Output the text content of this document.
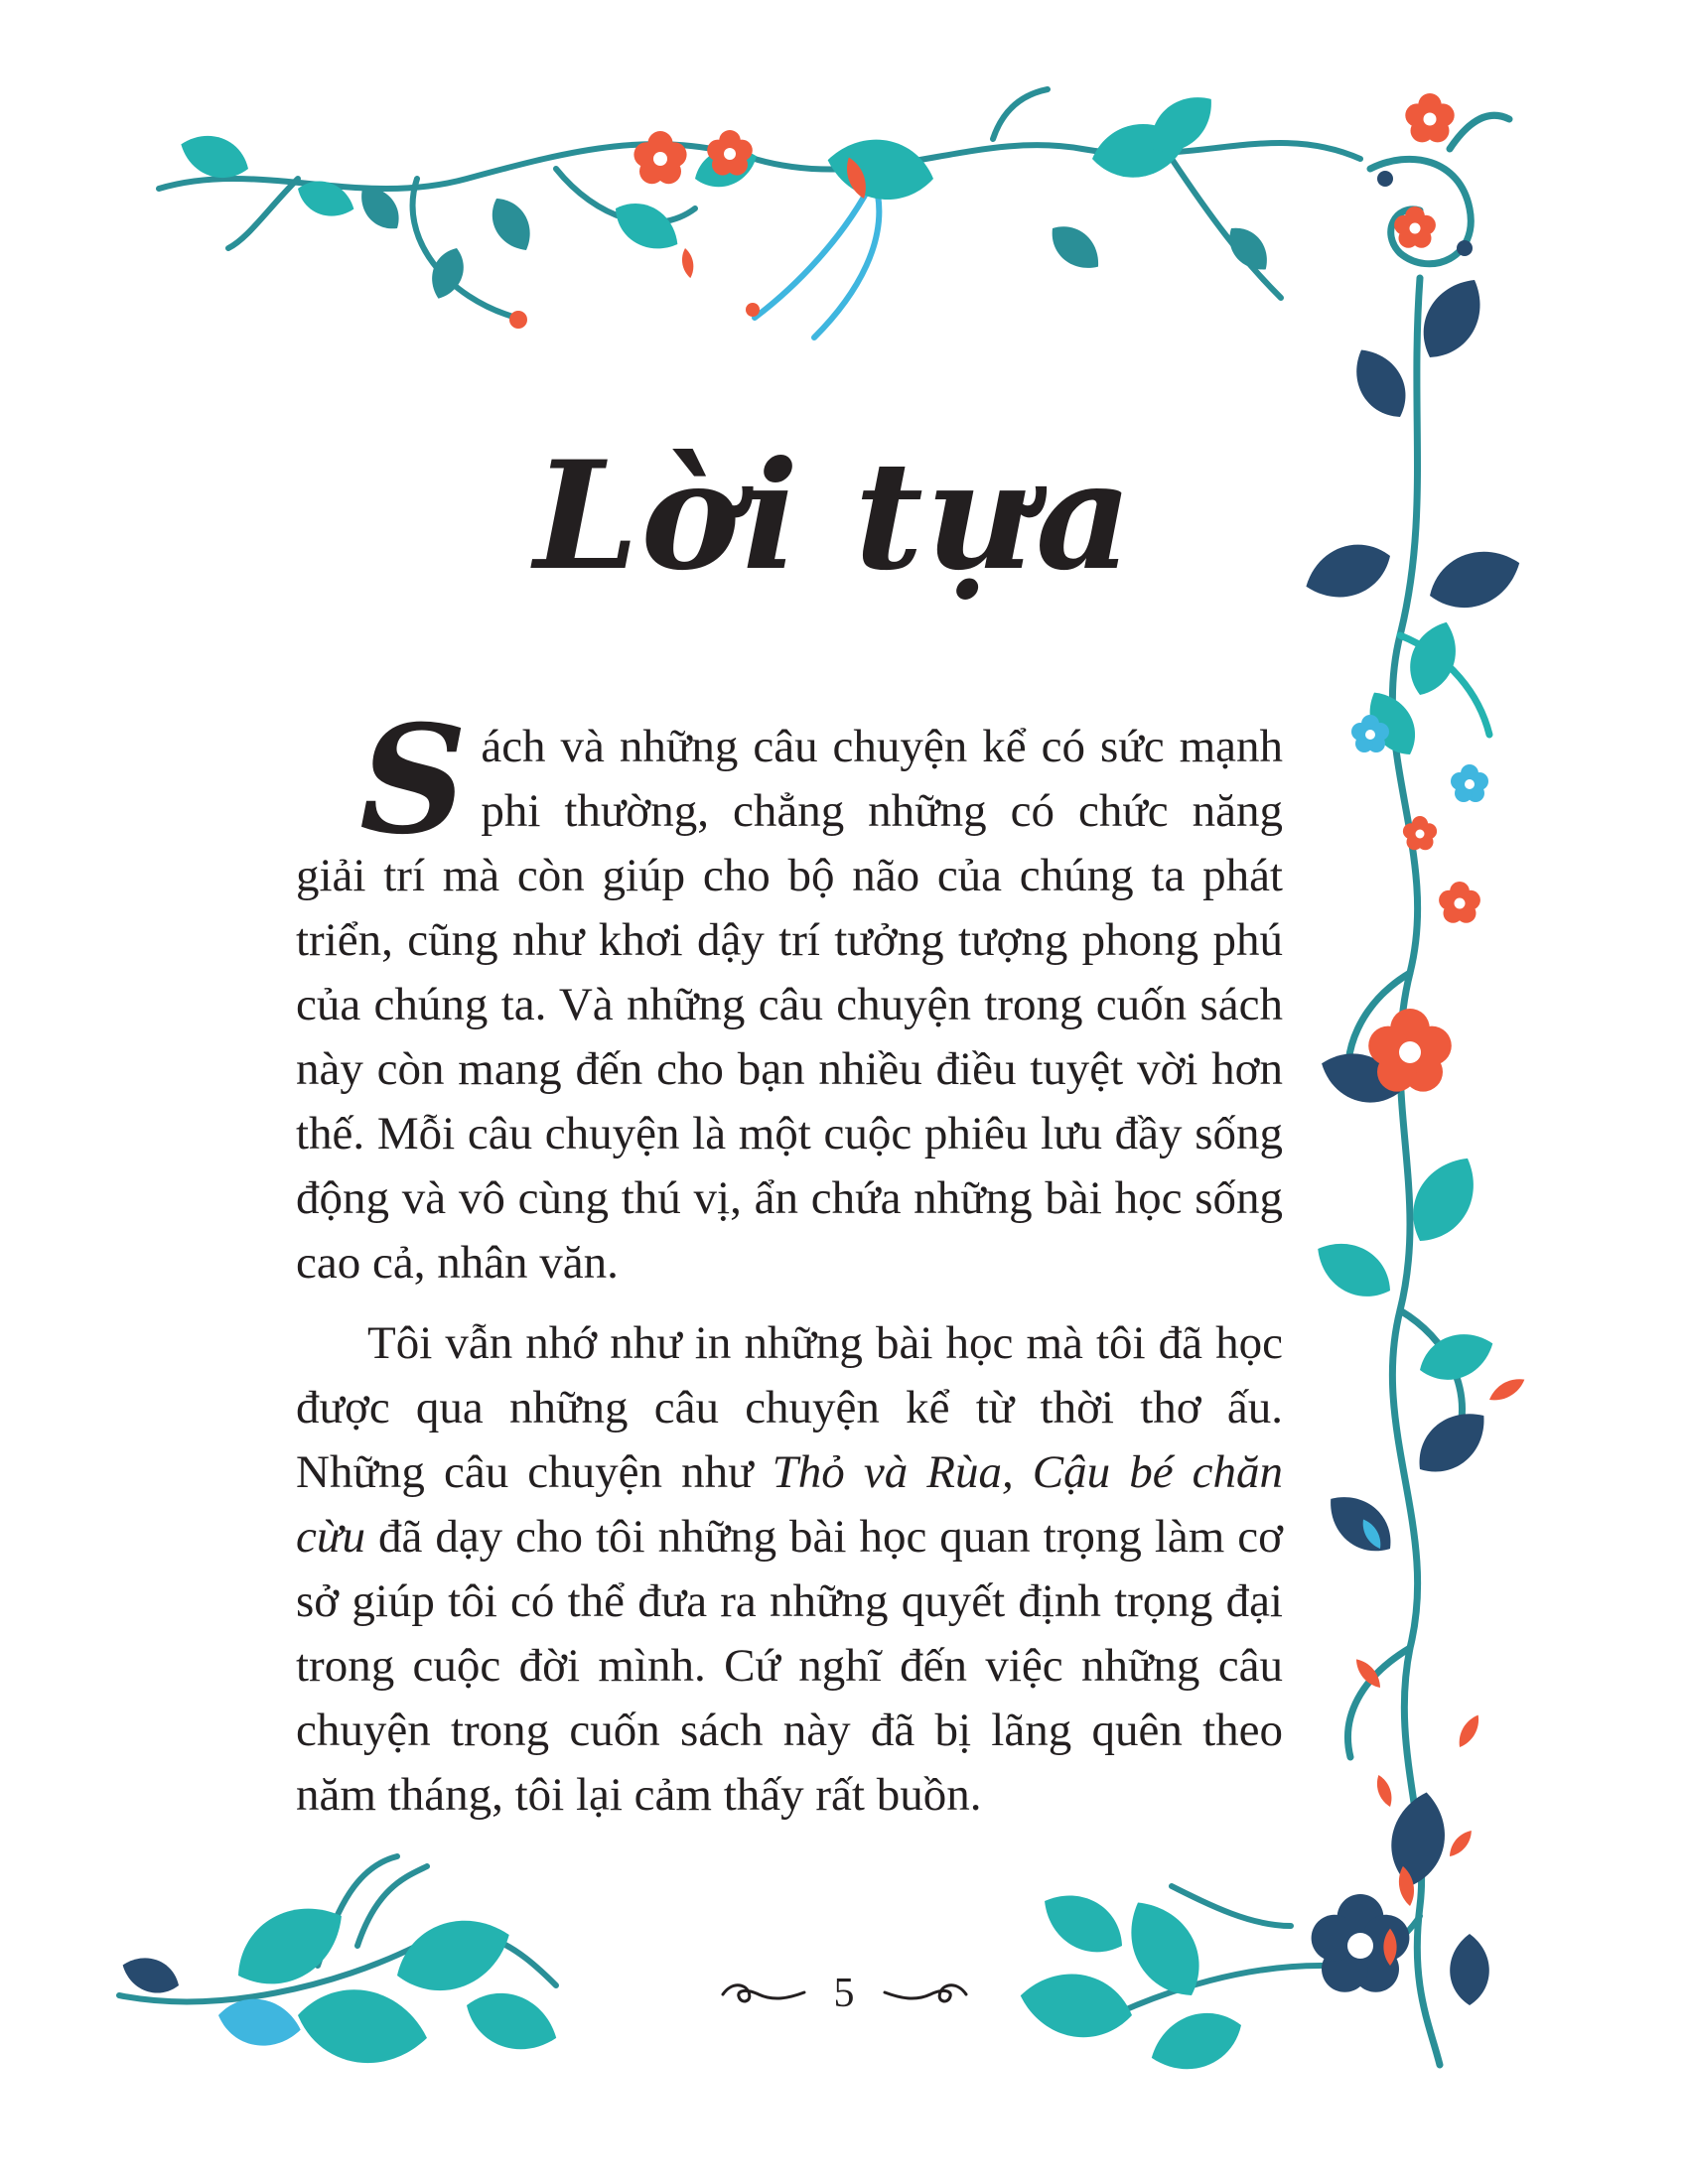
Lời tựa

Sách và những câu chuyện kể có sức mạnh phi thường, chẳng những có chức năng giải trí mà còn giúp cho bộ não của chúng ta phát triển, cũng như khơi dậy trí tưởng tượng phong phú của chúng ta. Và những câu chuyện trong cuốn sách này còn mang đến cho bạn nhiều điều tuyệt vời hơn thế. Mỗi câu chuyện là một cuộc phiêu lưu đầy sống động và vô cùng thú vị, ẩn chứa những bài học sống cao cả, nhân văn.

Tôi vẫn nhớ như in những bài học mà tôi đã học được qua những câu chuyện kể từ thời thơ ấu. Những câu chuyện như Thỏ và Rùa, Cậu bé chăn cừu đã dạy cho tôi những bài học quan trọng làm cơ sở giúp tôi có thể đưa ra những quyết định trọng đại trong cuộc đời mình. Cứ nghĩ đến việc những câu chuyện trong cuốn sách này đã bị lãng quên theo năm tháng, tôi lại cảm thấy rất buồn.

5
